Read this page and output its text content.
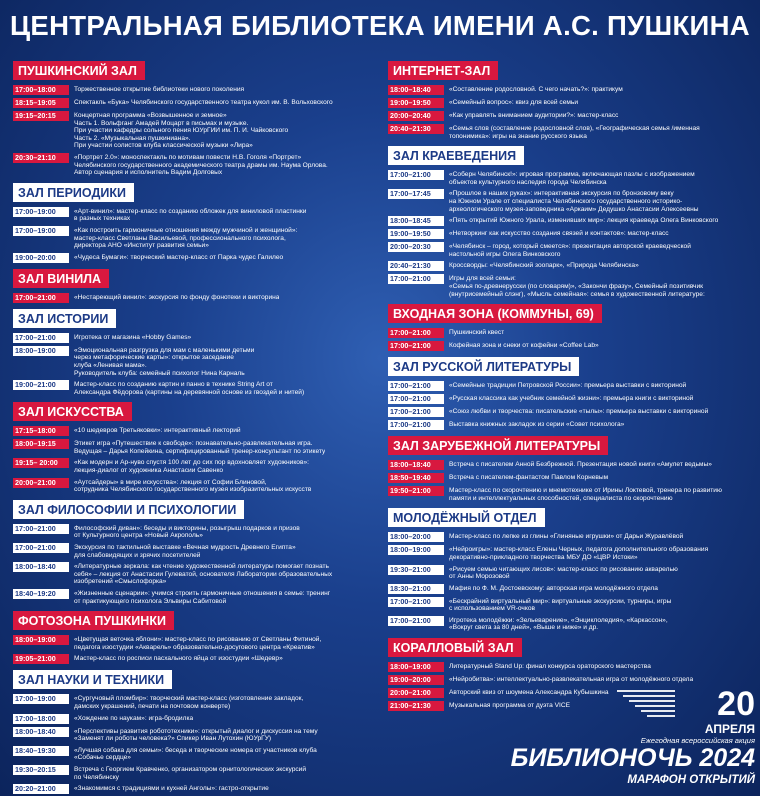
ЦЕНТРАЛЬНАЯ БИБЛИОТЕКА ИМЕНИ А.С. ПУШКИНА
ПУШКИНСКИЙ ЗАЛ
17:00–18:00	Торжественное открытие библиотеки нового поколения
18:15–19:05	Спектакль «Бука» Челябинского государственного театра кукол им. В. Вольховского
19:15–20:15	Концертная программа «Возвышенное и земное»
Часть 1. Вольфганг Амадей Моцарт в письмах и музыке.
При участии кафедры сольного пения ЮУрГИИ им. П. И. Чайковского
Часть 2. «Музыкальная пушкиниана».
При участии солистов клуба классической музыки «Лира»
20:30–21:10	«Портрет 2.0»: моноспектакль по мотивам повести Н.В. Гоголя «Портрет»
Челябинского государственного академического театра драмы им. Наума Орлова.
Автор сценария и исполнитель Вадим Долговых
ЗАЛ ПЕРИОДИКИ
17:00–19:00	«Арт-винил»: мастер-класс по созданию обложек для виниловой пластинки
в разных техниках
17:00–19:00	«Как построить гармоничные отношения между мужчиной и женщиной»:
мастер-класс Светланы Васильевой, профессионального психолога,
директора АНО «Институт развития семьи»
19:00–20:00	«Чудеса Бумаги»: творческий мастер-класс от Парка чудес Галилео
ЗАЛ ВИНИЛА
17:00–21:00	«Нестареющий винил»: экскурсия по фонду фонотеки и викторина
ЗАЛ ИСТОРИИ
17:00–21:00	Игротека от магазина «Hobby Games»
18:00–19:00	«Эмоциональная разгрузка для мам с маленькими детьми
через метафорические карты»: открытое заседание
клуба «Ленивая мама».
Руководитель клуба: семейный психолог Нина Карналь
19:00–21:00	Мастер-класс по созданию картин и панно в технике String Art от
Александра Фёдорова (картины на деревянной основе из гвоздей и нитей)
ЗАЛ ИСКУССТВА
17:15–18:00	«10 шедевров Третьяковки»: интерактивный лекторий
18:00–19:15	Этикет игра «Путешествие к свободе»: познавательно-развлекательная игра.
Ведущая – Дарья Копейкина, сертифицированный тренер-консультант по этикету
19:15– 20:00	«Как модерн и Ар-нуво спустя 100 лет до сих пор вдохновляет художников»:
лекция-диалог от художника Анастасии Савенко
20:00–21:00	«Аутсайдеры» в мире искусства»: лекция от Софии Блиновой,
сотрудника Челябинского государственного музея изобразительных искусств
ЗАЛ ФИЛОСОФИИ И ПСИХОЛОГИИ
17:00–21:00	Философский диван»: беседы и викторины, розыгрыш подарков и призов
от Культурного центра «Новый Акрополь»
17:00–21:00	Экскурсия по тактильной выставке «Вечная мудрость Древнего Египта»
для слабовидящих и зрячих посетителей
18:00–18:40	«Литературные зеркала: как чтение художественной литературы помогает познать
себя» – лекция от Анастасии Гулеватой, основателя Лаборатории образовательных
изобретений «Смыслофорка»
18:40–19:20	«Жизненные сценарии»: учимся строить гармоничные отношения в семье: тренинг
от практикующего психолога Эльвиры Сабитовой
ФОТОЗОНА ПУШКИНКИ
18:00–19:00	«Цветущая веточка яблони»: мастер-класс по рисованию от Светланы Фитиной,
педагога изостудии «Акварель» образовательно-досугового центра «Креатив»
19:05–21:00	Мастер-класс по росписи пасхального яйца от изостудии «Шедевр»
ЗАЛ НАУКИ И ТЕХНИКИ
17:00–19:00	«Сургучовый пломбир»: творческий мастер-класс (изготовление закладок,
дамских украшений, печати на почтовом конверте)
17:00–18:00	«Хождение по наукам»: игра-бродилка
18:00–18:40	«Перспективы развития робототехники»: открытый диалог и дискуссия на тему
«Заменят ли роботы человека?» Спикер Иван Лутохин (ЮУрГУ)
18:40–19:30	«Лучшая собака для семьи»: беседа и творческие номера от участников клуба
«Собачье сердце»
19:30–20:15	Встреча с Георгием Кравченко, организатором орнитологических экскурсий
по Челябинску
20:20–21:00	«Знакомимся с традициями и кухней Анголы»: гастро-открытие
ИНТЕРНЕТ-ЗАЛ
18:00–18:40	«Составление родословной. С чего начать?»: практикум
19:00–19:50	«Семейный вопрос»: квиз для всей семьи
20:00–20:40	«Как управлять вниманием аудитории?»: мастер-класс
20:40–21:30	«Семья слов (составление родословной слов), «Географическая семья /именная
топонимика»: игры на знание русского языка
ЗАЛ КРАЕВЕДЕНИЯ
17:00–21:00	«Соберн Челябинск!»: игровая программа, включающая пазлы с изображением
объектов культурного наследия города Челябинска
17:00–17:45	«Прошлое в наших руках»: интерактивная экскурсия по бронзовому веку
на Южном Урале от специалиста Челябинского государственного историко-
археологического музея-заповедника «Аркаим» Дедушко Анастасии Алексеевны
18:00–18:45	«Пять открытий Южного Урала, изменивших мир»: лекция краеведа Олега Винковского
19:00–19:50	«Нетворкинг как искусство создания связей и контактов»: мастер-класс
20:00–20:30	«Челябинск – город, который смеется»: презентация авторской краеведческой
настольной игры Олега Винковского
20:40–21:30	Кроссворды: «Челябинский зоопарк», «Природа Челябинска»
17:00–21:00	Игры для всей семьи:
«Семья по-древнерусски (по словарям)», «Закончи фразу», Семейный позитивчик
(внутрисемейный слэнг), «Мысль семейная»: семья в художественной литературе:
ВХОДНАЯ ЗОНА (КОММУНЫ, 69)
17:00–21:00	Пушкинский квест
17:00–21:00	Кофейная зона и снеки от кофейни «Coffee Lab»
ЗАЛ РУССКОЙ ЛИТЕРАТУРЫ
17:00–21:00	«Семейные традиции Петровской России»: премьера выставки с викториной
17:00–21:00	«Русская классика как учебник семейной жизни»: премьера книги с викториной
17:00–21:00	«Союз любви и творчества: писательские «тылы»: премьера выставки с викториной
17:00–21:00	Выставка книжных закладок из серии «Совет психолога»
ЗАЛ ЗАРУБЕЖНОЙ ЛИТЕРАТУРЫ
18:00–18:40	Встреча с писателем Анной Безбрежной. Презентация новой книги «Амулет ведьмы»
18:50–19:40	Встреча с писателем-фантастом Павлом Корневым
19:50–21:00	Мастер-класс по скорочтению и мнемотехнике от Ирины Локтевой, тренера по развитию
памяти и интеллектуальных способностей, специалиста по скорочтению
МОЛОДЁЖНЫЙ ОТДЕЛ
18:00–20:00	Мастер-класс по лепке из глины «Глиняные игрушки» от Дарьи Журавлёвой
18:00–19:00	«Нейроигры»: мастер-класс Елены Черных, педагога дополнительного образования
декоративно-прикладного творчества МБУ ДО «ЦВР Истоки»
19:30–21:00	«Рисуем семью читающих лисов»: мастер-класс по рисованию акварелью
от Анны Морозовой
18:30–21:00	Мафия по Ф. М. Достоевскому: авторская игра молодёжного отдела
17:00–21:00	«Бескрайний виртуальный мир»: виртуальные экскурсии, турниры, игры
с использованием VR-очков
17:00–21:00	Игротека молодёжки: «Зельеварение», «Энциклоледия», «Каркассон»,
«Вокруг света за 80 дней», «Выше и ниже» и др.
КОРАЛЛОВЫЙ ЗАЛ
18:00–19:00	Литературный Stand Up: финал конкурса ораторского мастерства
19:00–20:00	«Нейробитва»: интеллектуально-развлекательная игра от молодёжного отдела
20:00–21:00	Авторский квиз от шоумена Александра Кубышкина
21:00–21:30	Музыкальная программа от дуэта VICE	20
АПРЕЛЯ
Ежегодная всероссийская акция
БИБЛИОНОЧЬ 2024
МАРАФОН ОТКРЫТИЙ
